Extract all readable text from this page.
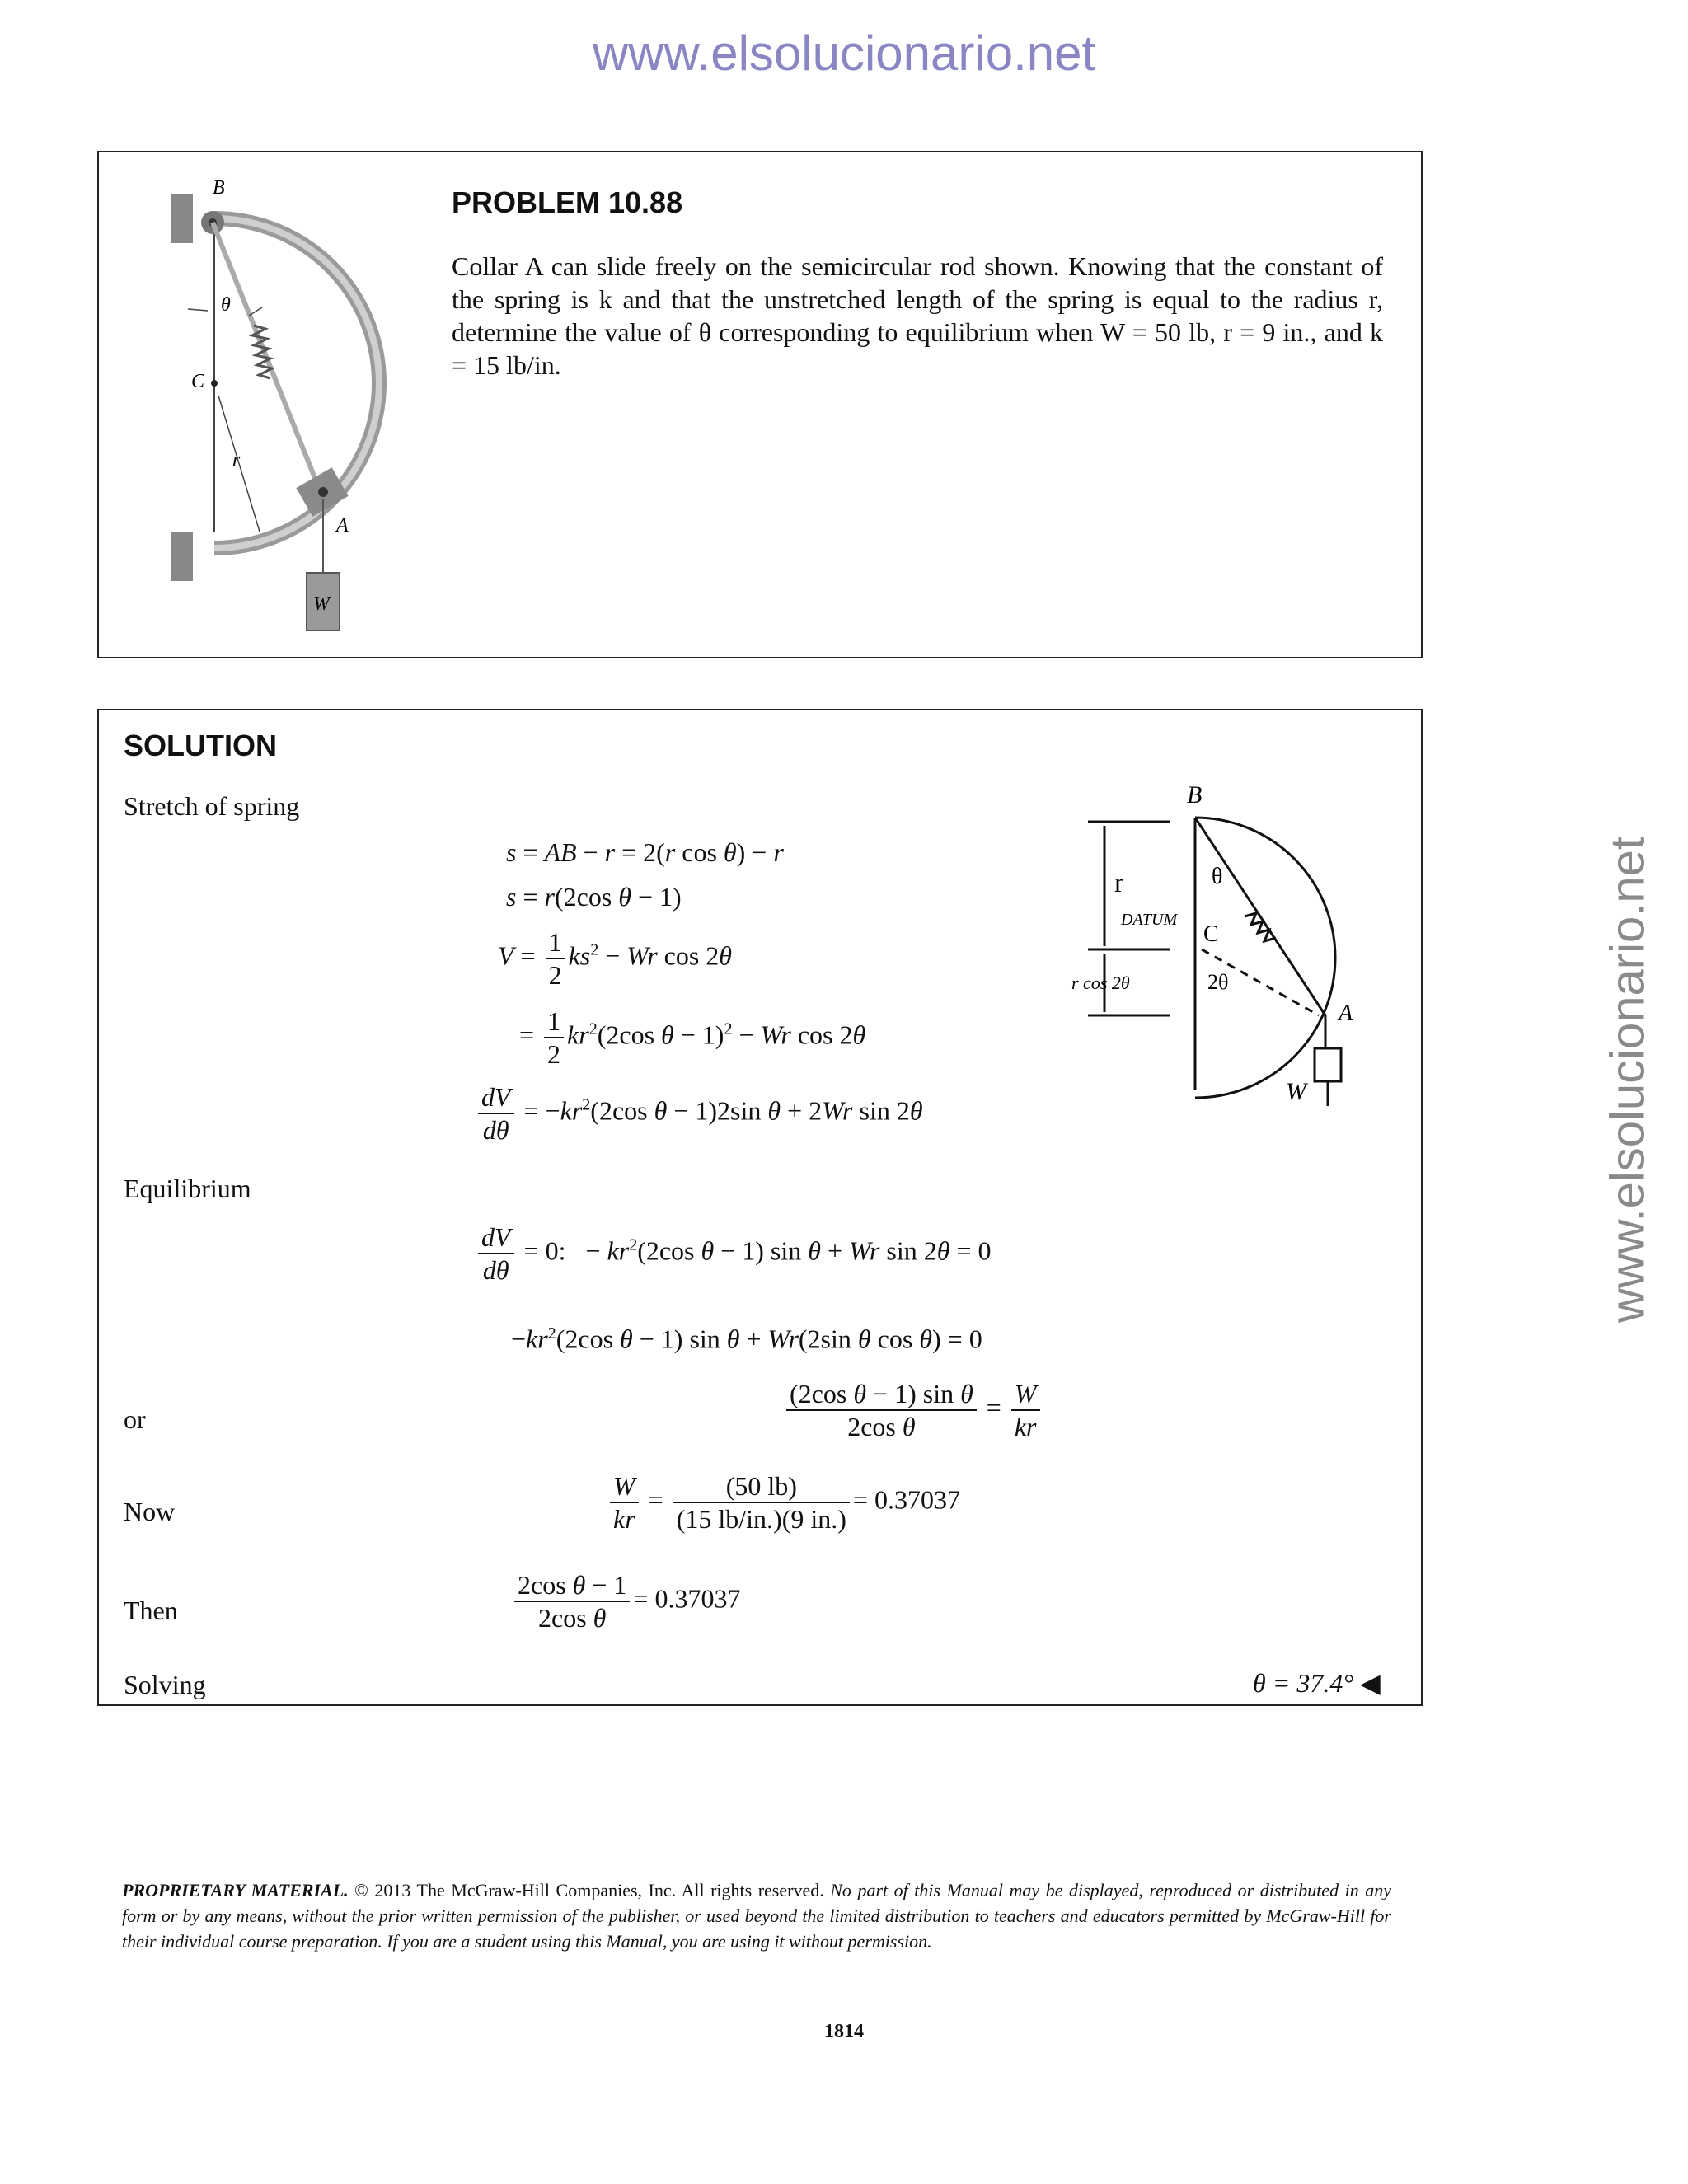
www.elsolucionario.net
www.elsolucionario.net
B
θ
C
r
A
W
PROBLEM 10.88
Collar A can slide freely on the semicircular rod shown. Knowing that the constant of the spring is k and that the unstretched length of the spring is equal to the radius r, determine the value of θ corresponding to equilibrium when W = 50 lb, r = 9 in., and k = 15 lb/in.
SOLUTION
Stretch of spring
s = AB − r = 2(r cos θ) − r
s = r(2cos θ − 1)
$V = \frac{1}{2} ks^2 - Wr$ cos 2θ
= $\frac{1}{2} kr^2(2\cos$ θ − 1)$^2$ − Wr cos 2θ
$\frac{dV}{d\theta} = -kr^2(2\cos$ θ − 1)2sin θ + 2Wr sin 2θ
Equilibrium
$\frac{dV}{d\theta} = 0$:   − $kr^2(2\cos$ θ − 1) sin θ + Wr sin 2θ = 0
$-kr^2(2\cos$ θ − 1) sin θ + Wr(2sin θ cos θ) = 0
or	$\frac{\text{(2cos θ − 1) sin θ}}{\text{2cos θ}} = \frac{W}{kr}$
Now	$\frac{W}{kr} = \frac{(50 lb)}{(15 lb/in.)(9 in.)} = 0.37037$
Then	$\frac{\text{2cos θ − 1}}{\text{2cos θ}} = 0.37037$
Solving	θ = 37.4° ◀
B
r	θ
DATUM
C
r cos 2θ	2θ
A
W
PROPRIETARY MATERIAL. © 2013 The McGraw-Hill Companies, Inc. All rights reserved. No part of this Manual may be displayed, reproduced or distributed in any form or by any means, without the prior written permission of the publisher, or used beyond the limited distribution to teachers and educators permitted by McGraw-Hill for their individual course preparation. If you are a student using this Manual, you are using it without permission.
1814
